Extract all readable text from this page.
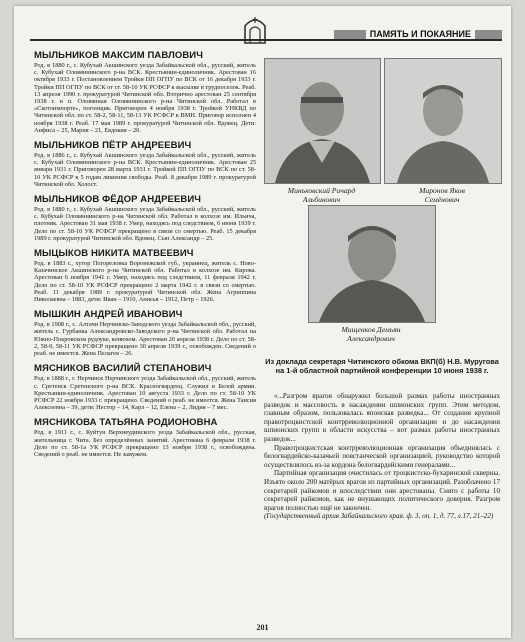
ПАМЯТЬ И ПОКАЯНИЕ
МЫЛЬНИКОВ МАКСИМ ПАВЛОВИЧ
Род. в 1880 г., с. Кубухай Акшинского уезда Забайкальской обл., русский, житель с. Кубухай Оловяннинского р-на ВСК. Крестьянин-единоличник. Арестован 16 октября 1933 г. Постановлением Тройки ПП ОГПУ по ВСК от 16 декабря 1933 г. Тройки ПП ОГПУ по ВСК от ст. 58-10 УК РСФСР к высылке в трудпоселок. Реаб. 13 апреля 1990 г. прокуратурой Читинской обл. Вторично арестован 25 сентября 1938 г. в п. Оловянная Оловяннинского р-на Читинской обл. Работал в «Скотоимпорте», погонщик. Приговорен 4 ноября 1938 г. Тройкой УНКВД по Читинской обл. по ст. 58-2, 58-11, 58-13 УК РСФСР к ВМН. Приговор исполнен 4 ноября 1938 г. Реаб. 17 мая 1989 г. прокуратурой Читинской обл. Вдовец. Дети: Анфиса – 25, Мария – 21, Евдокия – 20.
МЫЛЬНИКОВ ПЁТР АНДРЕЕВИЧ
Род. в 1886 г., с. Кубухай Акшинского уезда Забайкальской обл., русский, житель с. Кубухай Оловяннинского р-на ВСК. Крестьянин-единоличник. Арестован 25 января 1931 г. Приговорен 28 марта 1931 г. Тройкой ПП ОГПУ по ВСК по ст. 58-10 УК РСФСР к 5 годам лишения свободы. Реаб. 8 декабря 1989 г. прокуратурой Читинской обл. Холост.
МЫЛЬНИКОВ ФЁДОР АНДРЕЕВИЧ
Род. в 1880 г., с. Кубухай Акшинского уезда Забайкальской обл., русский, житель с. Кубухай Оловяннинского р-на Читинской обл. Работал в колхозе им. Ильича, плотник. Арестован 31 мая 1938 г. Умер, находясь под следствием, 6 июня 1939 г. Дело по ст. 58-10 УК РСФСР прекращено в связи со смертью. Реаб. 15 декабря 1989 г. прокуратурой Читинской обл. Вдовец. Сын Александр – 25.
МЫЦЫКОВ НИКИТА МАТВЕЕВИЧ
Род. в 1883 г., хутор Погореловка Воронежской губ., украинец, житель с. Ново-Казачинское Акшинского р-на Читинской обл. Работал в колхозе им. Кирова. Арестован 6 ноября 1941 г. Умер, находясь под следствием, 11 февраля 1942 г. Дело по ст. 58-10 УК РСФСР прекращено 2 марта 1942 г. в связи со смертью. Реаб. 11 декабря 1989 г. прокуратурой Читинской обл. Жена Агриппина Николаевна – 1883, дети: Иван – 1910, Анисья – 1912, Петр – 1926.
МЫШКИН АНДРЕЙ ИВАНОВИЧ
Род. в 1908 г., с. Алтачи Нерчинско-Заводского уезда Забайкальской обл., русский, житель с. Гурбанка Александровско-Заводского р-на Читинской обл. Работал на Южно-Покровском рудоуке, конюхом. Арестован 20 апреля 1938 г. Дело по ст. 58-2, 58-9, 58-11 УК РСФСР прекращено 30 апреля 1939 г., освобожден. Сведений о реаб. не имеется. Жена Пелагея – 26.
МЯСНИКОВ ВАСИЛИЙ СТЕПАНОВИЧ
Род. в 1888 г., г. Нерчинск Нерчинского уезда Забайкальской обл., русский, житель с. Сретенск Сретенского р-на ВСК. Красногвардеец. Служил в Белой армии. Крестьянин-единоличник. Арестован 10 августа 1933 г. Дело по ст. 58-10 УК РСФСР 22 ноября 1933 г. прекращено. Сведений о реаб. не имеется. Жена Таисия Алексеевна – 39, дети: Нестор – 14, Карл – 12, Елена – 2, Лидия – 7 мес.
МЯСНИКОВА ТАТЬЯНА РОДИОНОВНА
Род. в 1911 г., с. Куйтун Верхнеудинского уезда Забайкальской обл., русская, жительница г. Чита. Без определённых занятий. Арестована 6 февраля 1938 г. Дело по ст. 58-1а УК РСФСР прекращено 13 ноября 1938 г., освобождена. Сведений о реаб. не имеется. Не замужем.
Миньковский Ричард
Альбинович
Миронов Яков
Семёнович
Мищенков Демьян
Александрович
Из доклада секретаря Читинского обкома ВКП(б) Н.В. Муругова на 1-й областной партийной конференции 10 июня 1938 г.

«...Разгром врагов обнаружил большой размах работы иностранных разведок и массовость в насаждении шпионских групп. Этим методом, главным образом, пользовалась японская разведка... От создания крупной правотроцкистской контрреволюционной организации и до насаждения шпионских групп в области искусства – вот размах работы иностранных разведок...

Правотроцкистская контрреволюционная организация объединялась с белогвардейско-казачьей повстанческой организацией, руководство которой осуществлялось из-за кордона белогвардейскими генералами...

Партийная организация очистилась от троцкистско-бухаринской скверны. Изъято около 200 матёрых врагов из партийных организаций. Разоблачено 17 секретарей райкомов и впоследствии они арестованы. Снято с работы 10 секретарей райкомов, как не внушающих политического доверия. Разгром врагов полностью ещё не закончен.

(Государственный архив Забайкальского края. ф. 3, оп. 1, д. 77, л.17, 21–22)

201
